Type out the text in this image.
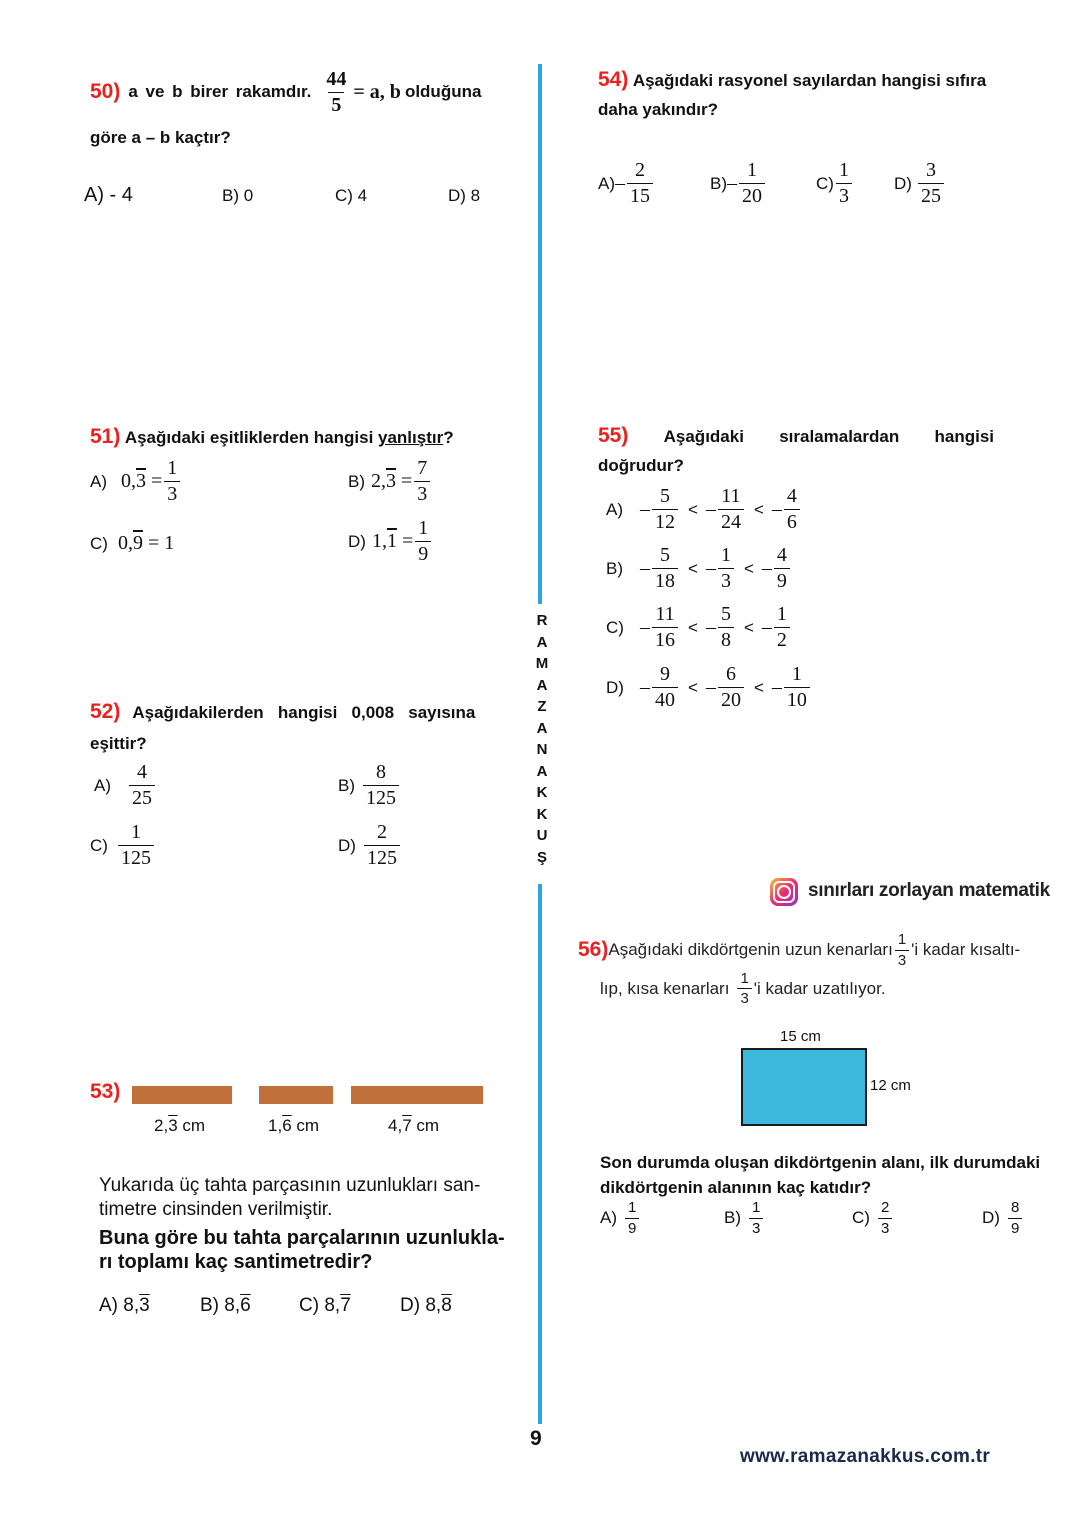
R
A
M
A
Z
A
N
A
K
K
U
Ş
50) a ve b birer rakamdır. $\frac{44}{5} = a$, b olduğuna
göre a – b kaçtır?
A) - 4	B) 0	C) 4	D) 8
51) Aşağıdaki eşitliklerden hangisi yanlıştır?
A) $0,3 = \frac{1}{3}$	B) $2,3 = \frac{7}{3}$
C) 0,9 = 1	D) $1,1 = \frac{1}{9}$
52) Aşağıdakilerden   hangisi   0,008   sayısına
eşittir?
$A) \frac{4}{25}$	$B) \frac{8}{125}$
$C) \frac{1}{125}$	$D) \frac{2}{125}$
53)
2,3 cm	1,6 cm	4,7 cm
Yukarıda üç tahta parçasının uzunlukları san-
timetre cinsinden verilmiştir.
Buna göre bu tahta parçalarının uzunlukla-
rı toplamı kaç santimetredir?
A) 8,3	B) 8,6	C) 8,7	D) 8,8
54) Aşağıdaki rasyonel sayılardan hangisi sıfıra
daha yakındır?
$A) - \frac{2}{15}$	$B) - \frac{1}{20}$	$C) \frac{1}{3} D) \frac{3}{25}$
55) Aşağıdaki sıralamalardan hangisi
doğrudur?
$A) - \frac{5}{12}$ < – $\frac{11}{24}$ < – $\frac{4}{6}$
$B) - \frac{5}{18}$ < – $\frac{1}{3}$ < – $\frac{4}{9}$
$C) - \frac{11}{16}$ < – $\frac{5}{8}$ < – $\frac{1}{2}$
$D) - \frac{9}{40}$ < – $\frac{6}{20}$ < – $\frac{1}{10}$
sınırları zorlayan matematik
56) Aşağıdaki dikdörtgenin uzun kenarları $\frac{1}{3}$ 'i kadar kısaltı-
lıp, kısa kenarları $\frac{1}{3}$ 'i kadar uzatılıyor.
15 cm
12 cm
Son durumda oluşan dikdörtgenin alanı, ilk durumdaki
dikdörtgenin alanının kaç katıdır?
$A) \frac{1}{9}$	$B) \frac{1}{3}$	$C) \frac{2}{3}$	$D) \frac{8}{9}$
9
www.ramazanakkus.com.tr
